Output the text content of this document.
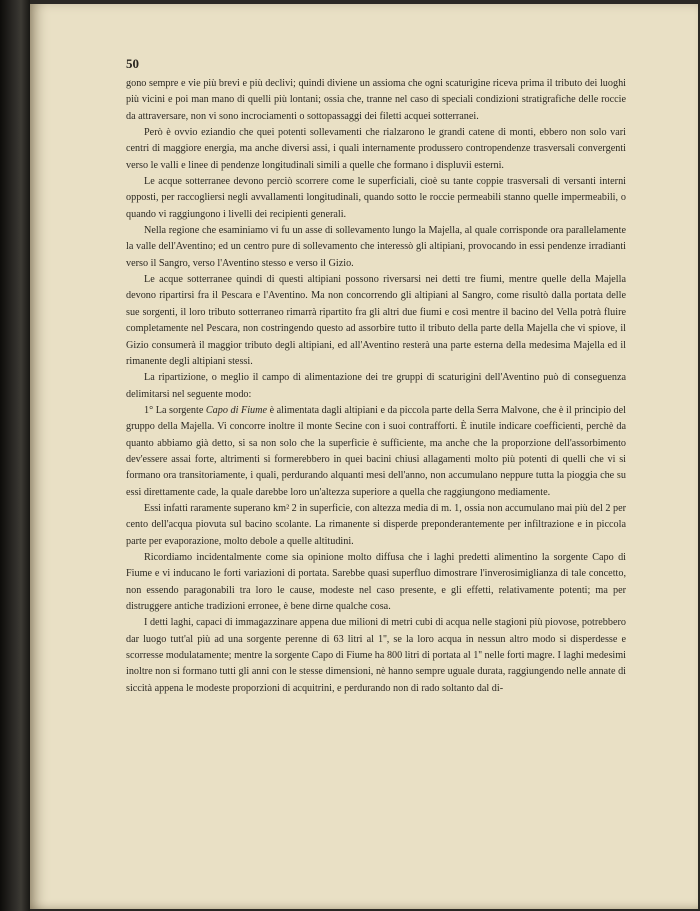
50

gono sempre e vie più brevi e più declivi; quindi diviene un assioma che ogni scaturigine riceva prima il tributo dei luoghi più vicini e poi man mano di quelli più lontani; ossia che, tranne nel caso di speciali condizioni stratigrafiche delle roccie da attraversare, non vi sono incrociamenti o sottopassaggi dei filetti acquei sotterranei.

Però è ovvio eziandio che quei potenti sollevamenti che rialzarono le grandi catene di monti, ebbero non solo vari centri di maggiore energia, ma anche diversi assi, i quali internamente produssero contropendenze trasversali convergenti verso le valli e linee di pendenze longitudinali simili a quelle che formano i displuvii esterni.

Le acque sotterranee devono perciò scorrere come le superficiali, cioè su tante coppie trasversali di versanti interni opposti, per raccogliersi negli avvallamenti longitudinali, quando sotto le roccie permeabili stanno quelle impermeabili, o quando vi raggiungono i livelli dei recipienti generali.

Nella regione che esaminiamo vi fu un asse di sollevamento lungo la Majella, al quale corrisponde ora parallelamente la valle dell'Aventino; ed un centro pure di sollevamento che interessò gli altipiani, provocando in essi pendenze irradianti verso il Sangro, verso l'Aventino stesso e verso il Gizio.

Le acque sotterranee quindi di questi altipiani possono riversarsi nei detti tre fiumi, mentre quelle della Majella devono ripartirsi fra il Pescara e l'Aventino. Ma non concorrendo gli altipiani al Sangro, come risultò dalla portata delle sue sorgenti, il loro tributo sotterraneo rimarrà ripartito fra gli altri due fiumi e così mentre il bacino del Vella potrà fluire completamente nel Pescara, non costringendo questo ad assorbire tutto il tributo della parte della Majella che vi spiove, il Gizio consumerà il maggior tributo degli altipiani, ed all'Aventino resterà una parte esterna della medesima Majella ed il rimanente degli altipiani stessi.

La ripartizione, o meglio il campo di alimentazione dei tre gruppi di scaturigini dell'Aventino può di conseguenza delimitarsi nel seguente modo:

1° La sorgente Capo di Fiume è alimentata dagli altipiani e da piccola parte della Serra Malvone, che è il principio del gruppo della Majella. Vi concorre inoltre il monte Secine con i suoi contrafforti. È inutile indicare coefficienti, perchè da quanto abbiamo già detto, si sa non solo che la superficie è sufficiente, ma anche che la proporzione dell'assorbimento dev'essere assai forte, altrimenti si formerebbero in quei bacini chiusi allagamenti molto più potenti di quelli che vi si formano ora transitoriamente, i quali, perdurando alquanti mesi dell'anno, non accumulano neppure tutta la pioggia che su essi direttamente cade, la quale darebbe loro un'altezza superiore a quella che raggiungono mediamente.

Essi infatti raramente superano km² 2 in superficie, con altezza media di m. 1, ossia non accumulano mai più del 2 per cento dell'acqua piovuta sul bacino scolante. La rimanente si disperde preponderantemente per infiltrazione e in piccola parte per evaporazione, molto debole a quelle altitudini.

Ricordiamo incidentalmente come sia opinione molto diffusa che i laghi predetti alimentino la sorgente Capo di Fiume e vi inducano le forti variazioni di portata. Sarebbe quasi superfluo dimostrare l'inverosimiglianza di tale concetto, non essendo paragonabili tra loro le cause, modeste nel caso presente, e gli effetti, relativamente potenti; ma per distruggere antiche tradizioni erronee, è bene dirne qualche cosa.

I detti laghi, capaci di immagazzinare appena due milioni di metri cubi di acqua nelle stagioni più piovose, potrebbero dar luogo tutt'al più ad una sorgente perenne di 63 litri al 1'', se la loro acqua in nessun altro modo si disperdesse e scorresse modulatamente; mentre la sorgente Capo di Fiume ha 800 litri di portata al 1'' nelle forti magre. I laghi medesimi inoltre non si formano tutti gli anni con le stesse dimensioni, nè hanno sempre uguale durata, raggiungendo nelle annate di siccità appena le modeste proporzioni di acquitrini, e perdurando non di rado soltanto dal di-
